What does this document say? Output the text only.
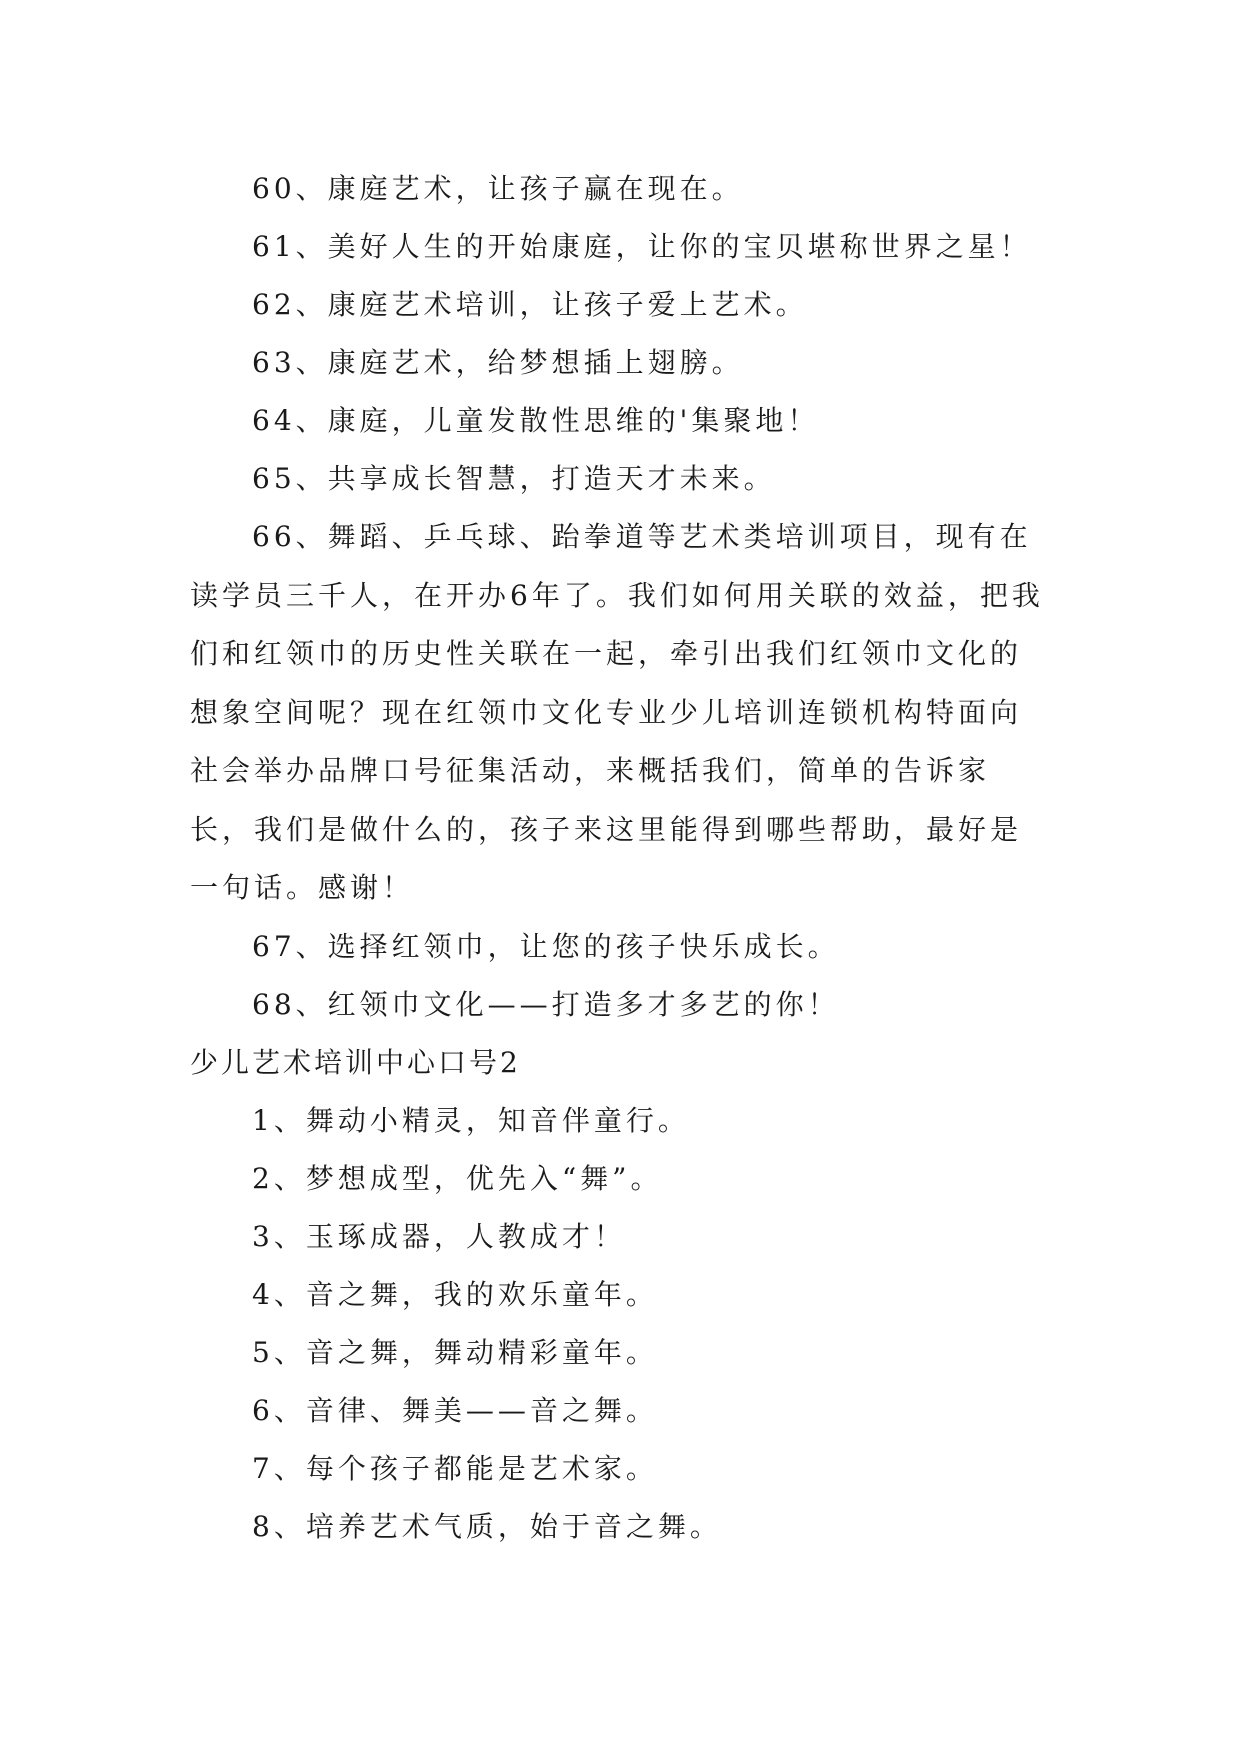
60、康庭艺术，让孩子赢在现在。
61、美好人生的开始康庭，让你的宝贝堪称世界之星！
62、康庭艺术培训，让孩子爱上艺术。
63、康庭艺术，给梦想插上翅膀。
64、康庭，儿童发散性思维的'集聚地！
65、共享成长智慧，打造天才未来。

66、舞蹈、乒乓球、跆拳道等艺术类培训项目，现有在读学员三千人，在开办6年了。我们如何用关联的效益，把我们和红领巾的历史性关联在一起，牵引出我们红领巾文化的想象空间呢？现在红领巾文化专业少儿培训连锁机构特面向社会举办品牌口号征集活动，来概括我们，简单的告诉家长，我们是做什么的，孩子来这里能得到哪些帮助，最好是一句话。感谢！

67、选择红领巾，让您的孩子快乐成长。
68、红领巾文化——打造多才多艺的你！
少儿艺术培训中心口号2
1、舞动小精灵，知音伴童行。
2、梦想成型，优先入“舞”。
3、玉琢成器，人教成才！
4、音之舞，我的欢乐童年。
5、音之舞，舞动精彩童年。
6、音律、舞美——音之舞。
7、每个孩子都能是艺术家。
8、培养艺术气质，始于音之舞。
